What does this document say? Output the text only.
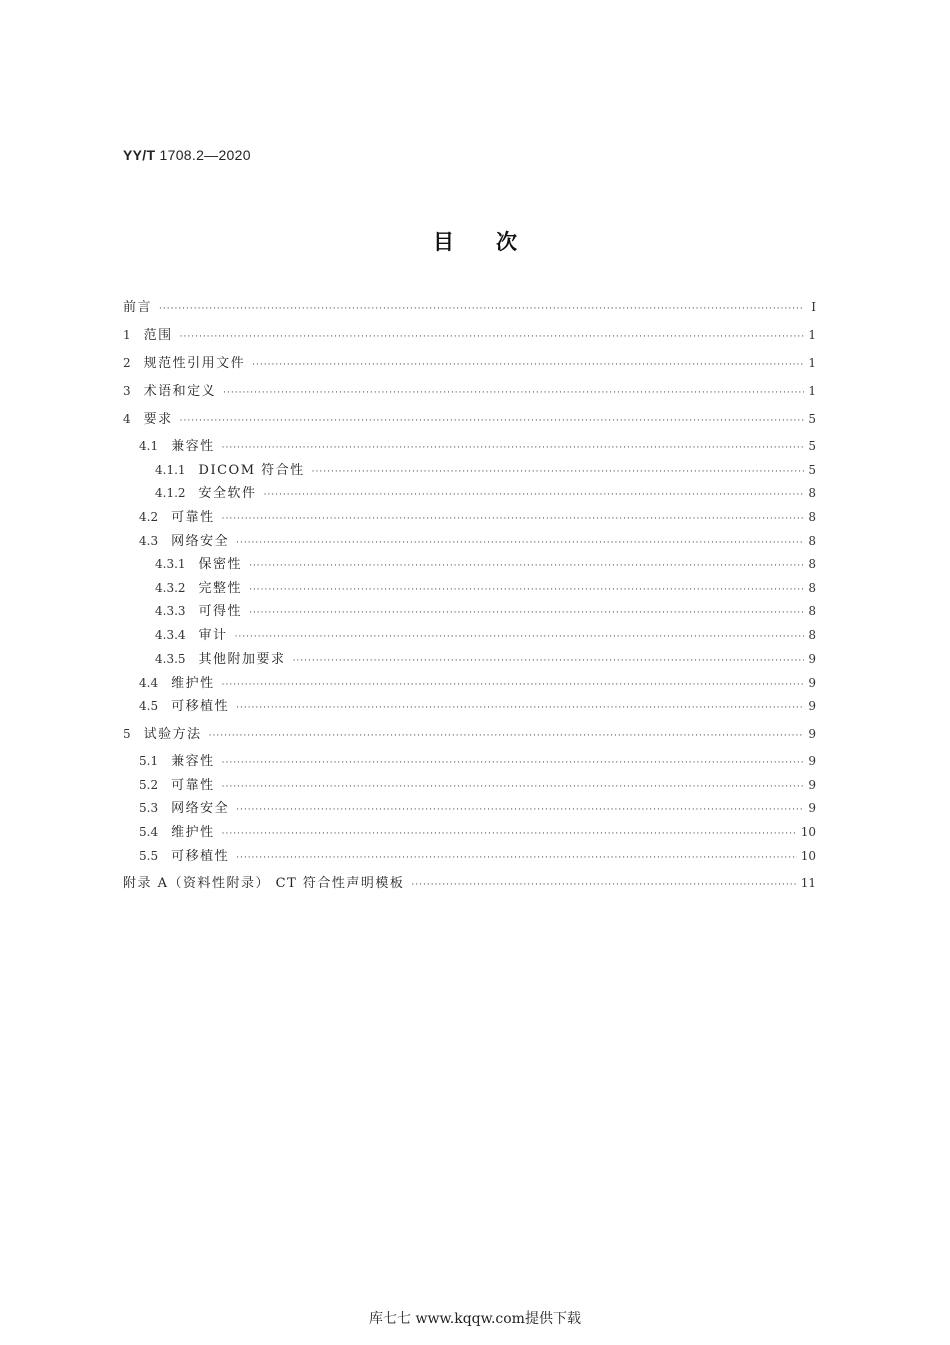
YY/T 1708.2—2020
目次
前言 ·····	Ⅰ
1 范围 ·····	1
2 规范性引用文件 ·····	1
3 术语和定义 ·····	1
4 要求 ·····	5
4.1 兼容性 ·····	5
4.1.1 DICOM 符合性 ·····	5
4.1.2 安全软件 ·····	8
4.2 可靠性 ·····	8
4.3 网络安全 ·····	8
4.3.1 保密性 ·····	8
4.3.2 完整性 ·····	8
4.3.3 可得性 ·····	8
4.3.4 审计 ·····	8
4.3.5 其他附加要求 ·····	9
4.4 维护性 ·····	9
4.5 可移植性 ·····	9
5 试验方法 ·····	9
5.1 兼容性 ·····	9
5.2 可靠性 ·····	9
5.3 网络安全 ·····	9
5.4 维护性 ·····	10
5.5 可移植性 ·····	10
附录 A（资料性附录） CT 符合性声明模板 ·····	11
库七七 www.kqqw.com提供下载
